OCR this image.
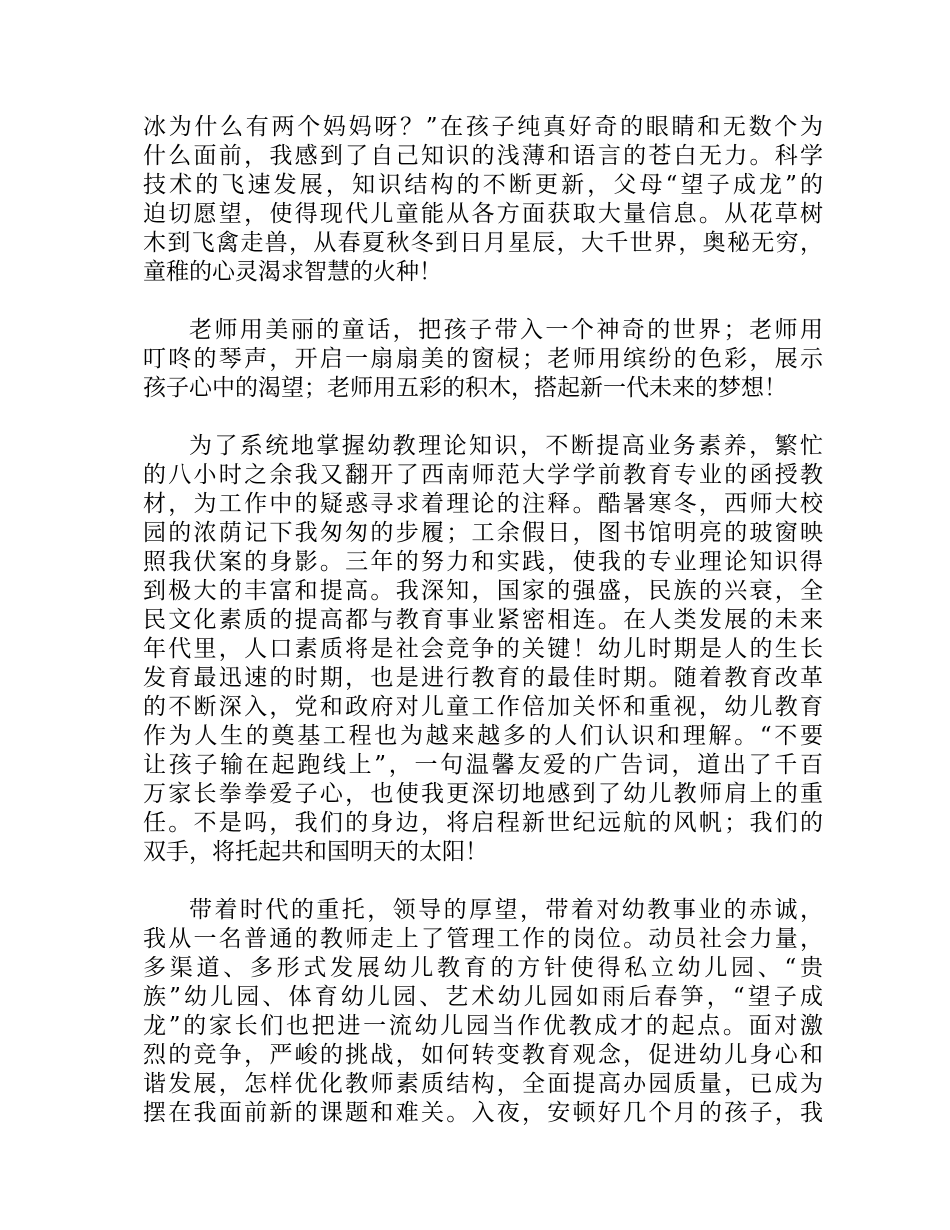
冰为什么有两个妈妈呀？”在孩子纯真好奇的眼睛和无数个为
什么面前，我感到了自己知识的浅薄和语言的苍白无力。科学
技术的飞速发展，知识结构的不断更新，父母“望子成龙”的
迫切愿望，使得现代儿童能从各方面获取大量信息。从花草树
木到飞禽走兽，从春夏秋冬到日月星辰，大千世界，奥秘无穷，
童稚的心灵渴求智慧的火种！
老师用美丽的童话，把孩子带入一个神奇的世界；老师用
叮咚的琴声，开启一扇扇美的窗棂；老师用缤纷的色彩，展示
孩子心中的渴望；老师用五彩的积木，搭起新一代未来的梦想！
为了系统地掌握幼教理论知识，不断提高业务素养，繁忙
的八小时之余我又翻开了西南师范大学学前教育专业的函授教
材，为工作中的疑惑寻求着理论的注释。酷暑寒冬，西师大校
园的浓荫记下我匆匆的步履；工余假日，图书馆明亮的玻窗映
照我伏案的身影。三年的努力和实践，使我的专业理论知识得
到极大的丰富和提高。我深知，国家的强盛，民族的兴衰，全
民文化素质的提高都与教育事业紧密相连。在人类发展的未来
年代里，人口素质将是社会竞争的关键！幼儿时期是人的生长
发育最迅速的时期，也是进行教育的最佳时期。随着教育改革
的不断深入，党和政府对儿童工作倍加关怀和重视，幼儿教育
作为人生的奠基工程也为越来越多的人们认识和理解。“不要
让孩子输在起跑线上”，一句温馨友爱的广告词，道出了千百
万家长拳拳爱子心，也使我更深切地感到了幼儿教师肩上的重
任。不是吗，我们的身边，将启程新世纪远航的风帆；我们的
双手，将托起共和国明天的太阳！
带着时代的重托，领导的厚望，带着对幼教事业的赤诚，
我从一名普通的教师走上了管理工作的岗位。动员社会力量，
多渠道、多形式发展幼儿教育的方针使得私立幼儿园、“贵
族”幼儿园、体育幼儿园、艺术幼儿园如雨后春笋，“望子成
龙”的家长们也把进一流幼儿园当作优教成才的起点。面对激
烈的竞争，严峻的挑战，如何转变教育观念，促进幼儿身心和
谐发展，怎样优化教师素质结构，全面提高办园质量，已成为
摆在我面前新的课题和难关。入夜，安顿好几个月的孩子，我
